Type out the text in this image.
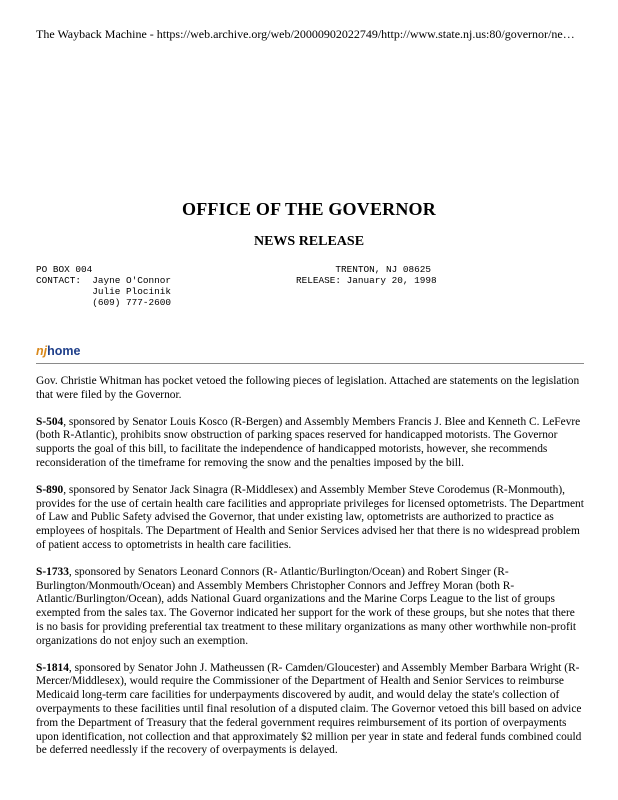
The Wayback Machine - https://web.archive.org/web/20000902022749/http://www.state.nj.us:80/governor/ne…
OFFICE OF THE GOVERNOR
NEWS RELEASE
PO BOX 004
CONTACT:  Jayne O'Connor
Julie Plocinik
(609) 777-2600
TRENTON, NJ 08625
RELEASE: January 20, 1998
njhome

Gov. Christie Whitman has pocket vetoed the following pieces of legislation. Attached are statements on the legislation that were filed by the Governor.

S-504, sponsored by Senator Louis Kosco (R-Bergen) and Assembly Members Francis J. Blee and Kenneth C. LeFevre (both R-Atlantic), prohibits snow obstruction of parking spaces reserved for handicapped motorists. The Governor supports the goal of this bill, to facilitate the independence of handicapped motorists, however, she recommends reconsideration of the timeframe for removing the snow and the penalties imposed by the bill.

S-890, sponsored by Senator Jack Sinagra (R-Middlesex) and Assembly Member Steve Corodemus (R-Monmouth), provides for the use of certain health care facilities and appropriate privileges for licensed optometrists. The Department of Law and Public Safety advised the Governor, that under existing law, optometrists are authorized to practice as employees of hospitals. The Department of Health and Senior Services advised her that there is no widespread problem of patient access to optometrists in health care facilities.

S-1733, sponsored by Senators Leonard Connors (R- Atlantic/Burlington/Ocean) and Robert Singer (R-Burlington/Monmouth/Ocean) and Assembly Members Christopher Connors and Jeffrey Moran (both R-Atlantic/Burlington/Ocean), adds National Guard organizations and the Marine Corps League to the list of groups exempted from the sales tax. The Governor indicated her support for the work of these groups, but she notes that there is no basis for providing preferential tax treatment to these military organizations as many other worthwhile non-profit organizations do not enjoy such an exemption.

S-1814, sponsored by Senator John J. Matheussen (R- Camden/Gloucester) and Assembly Member Barbara Wright (R- Mercer/Middlesex), would require the Commissioner of the Department of Health and Senior Services to reimburse Medicaid long-term care facilities for underpayments discovered by audit, and would delay the state's collection of overpayments to these facilities until final resolution of a disputed claim. The Governor vetoed this bill based on advice from the Department of Treasury that the federal government requires reimbursement of its portion of overpayments upon identification, not collection and that approximately $2 million per year in state and federal funds combined could be deferred needlessly if the recovery of overpayments is delayed.
